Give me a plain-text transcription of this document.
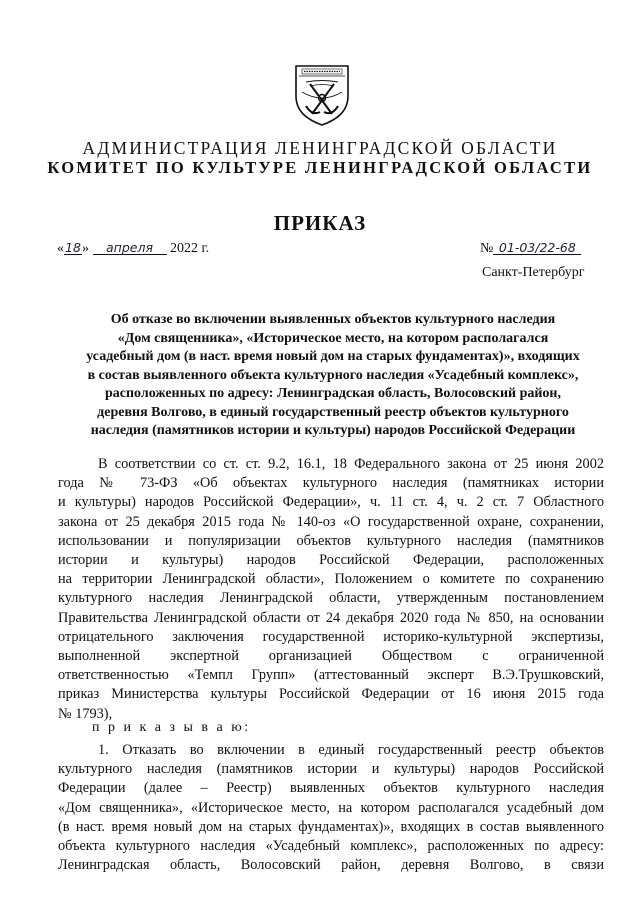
АДМИНИСТРАЦИЯ ЛЕНИНГРАДСКОЙ ОБЛАСТИ
КОМИТЕТ ПО КУЛЬТУРЕ ЛЕНИНГРАДСКОЙ ОБЛАСТИ
ПРИКАЗ
«18» апреля 2022 г.	№ 01-03/22-68
Санкт-Петербург
Об отказе во включении выявленных объектов культурного наследия
«Дом священника», «Историческое место, на котором располагался
усадебный дом (в наст. время новый дом на старых фундаментах)», входящих
в состав выявленного объекта культурного наследия «Усадебный комплекс»,
расположенных по адресу: Ленинградская область, Волосовский район,
деревня Волгово, в единый государственный реестр объектов культурного
наследия (памятников истории и культуры) народов Российской Федерации
В соответствии со ст. ст. 9.2, 16.1, 18 Федерального закона от 25 июня 2002
года № 73-ФЗ «Об объектах культурного наследия (памятниках истории
и культуры) народов Российской Федерации», ч. 11 ст. 4, ч. 2 ст. 7 Областного
закона от 25 декабря 2015 года № 140-оз «О государственной охране, сохранении,
использовании и популяризации объектов культурного наследия (памятников
истории и культуры) народов Российской Федерации, расположенных
на территории Ленинградской области», Положением о комитете по сохранению
культурного наследия Ленинградской области, утвержденным постановлением
Правительства Ленинградской области от 24 декабря 2020 года № 850, на основании
отрицательного заключения государственной историко-культурной экспертизы,
выполненной экспертной организацией Обществом с ограниченной
ответственностью «Темпл Групп» (аттестованный эксперт В.Э.Трушковский,
приказ Министерства культуры Российской Федерации от 16 июня 2015 года
№ 1793),
п р и к а з ы в а ю:
1. Отказать во включении в единый государственный реестр объектов
культурного наследия (памятников истории и культуры) народов Российской
Федерации (далее – Реестр) выявленных объектов культурного наследия
«Дом священника», «Историческое место, на котором располагался усадебный дом
(в наст. время новый дом на старых фундаментах)», входящих в состав выявленного
объекта культурного наследия «Усадебный комплекс», расположенных по адресу:
Ленинградская область, Волосовский район, деревня Волгово, в связи
